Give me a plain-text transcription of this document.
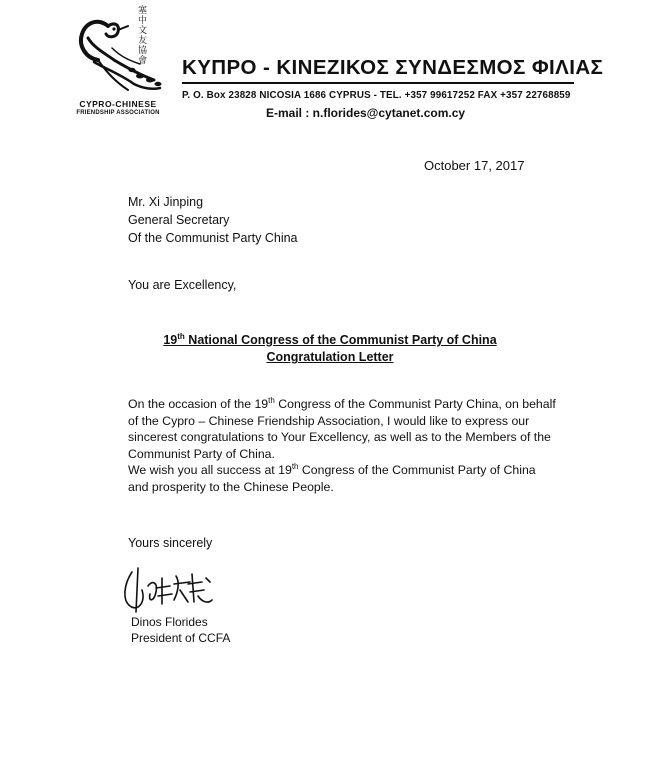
塞
中
文
友
協
會
CYPRO-CHINESE
FRIENDSHIP ASSOCIATION
ΚΥΠΡΟ - ΚΙΝΕΖΙΚΟΣ ΣΥΝΔΕΣΜΟΣ ΦΙΛΙΑΣ
P. O. Box 23828 NICOSIA 1686 CYPRUS - TEL. +357 99617252 FAX +357 22768859
E-mail : n.florides@cytanet.com.cy
October 17, 2017
Mr. Xi Jinping
General Secretary
Of the Communist Party China
You are Excellency,
19th National Congress of the Communist Party of China
Congratulation Letter

On the occasion of the 19th Congress of the Communist Party China, on behalf of the Cypro – Chinese Friendship Association, I would like to express our sincerest congratulations to Your Excellency, as well as to the Members of the Communist Party of China.

We wish you all success at 19th Congress of the Communist Party of China and prosperity to the Chinese People.

Yours sincerely
Dinos Florides
President of CCFA
